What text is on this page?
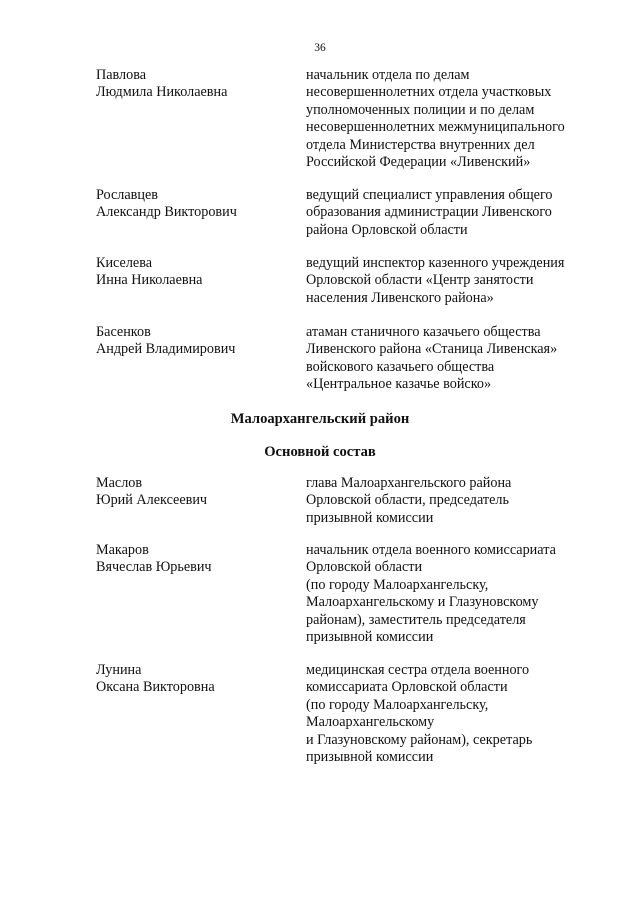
36
Павлова
Людмила Николаевна
начальник отдела по делам
несовершеннолетних отдела участковых
уполномоченных полиции и по делам
несовершеннолетних межмуниципального
отдела Министерства внутренних дел
Российской Федерации «Ливенский»
Рославцев
Александр Викторович
ведущий специалист управления общего
образования администрации Ливенского
района Орловской области
Киселева
Инна Николаевна
ведущий инспектор казенного учреждения
Орловской области «Центр занятости
населения Ливенского района»
Басенков
Андрей Владимирович
атаман станичного казачьего общества
Ливенского района «Станица Ливенская»
войскового казачьего общества
«Центральное казачье войско»
Малоархангельский район
Основной состав
Маслов
Юрий Алексеевич
глава Малоархангельского района
Орловской области, председатель
призывной комиссии
Макаров
Вячеслав Юрьевич
начальник отдела военного комиссариата
Орловской области
(по городу Малоархангельску,
Малоархангельскому и Глазуновскому
районам), заместитель председателя
призывной комиссии
Лунина
Оксана Викторовна
медицинская сестра отдела военного
комиссариата Орловской области
(по городу Малоархангельску,
Малоархангельскому
и Глазуновскому районам), секретарь
призывной комиссии
